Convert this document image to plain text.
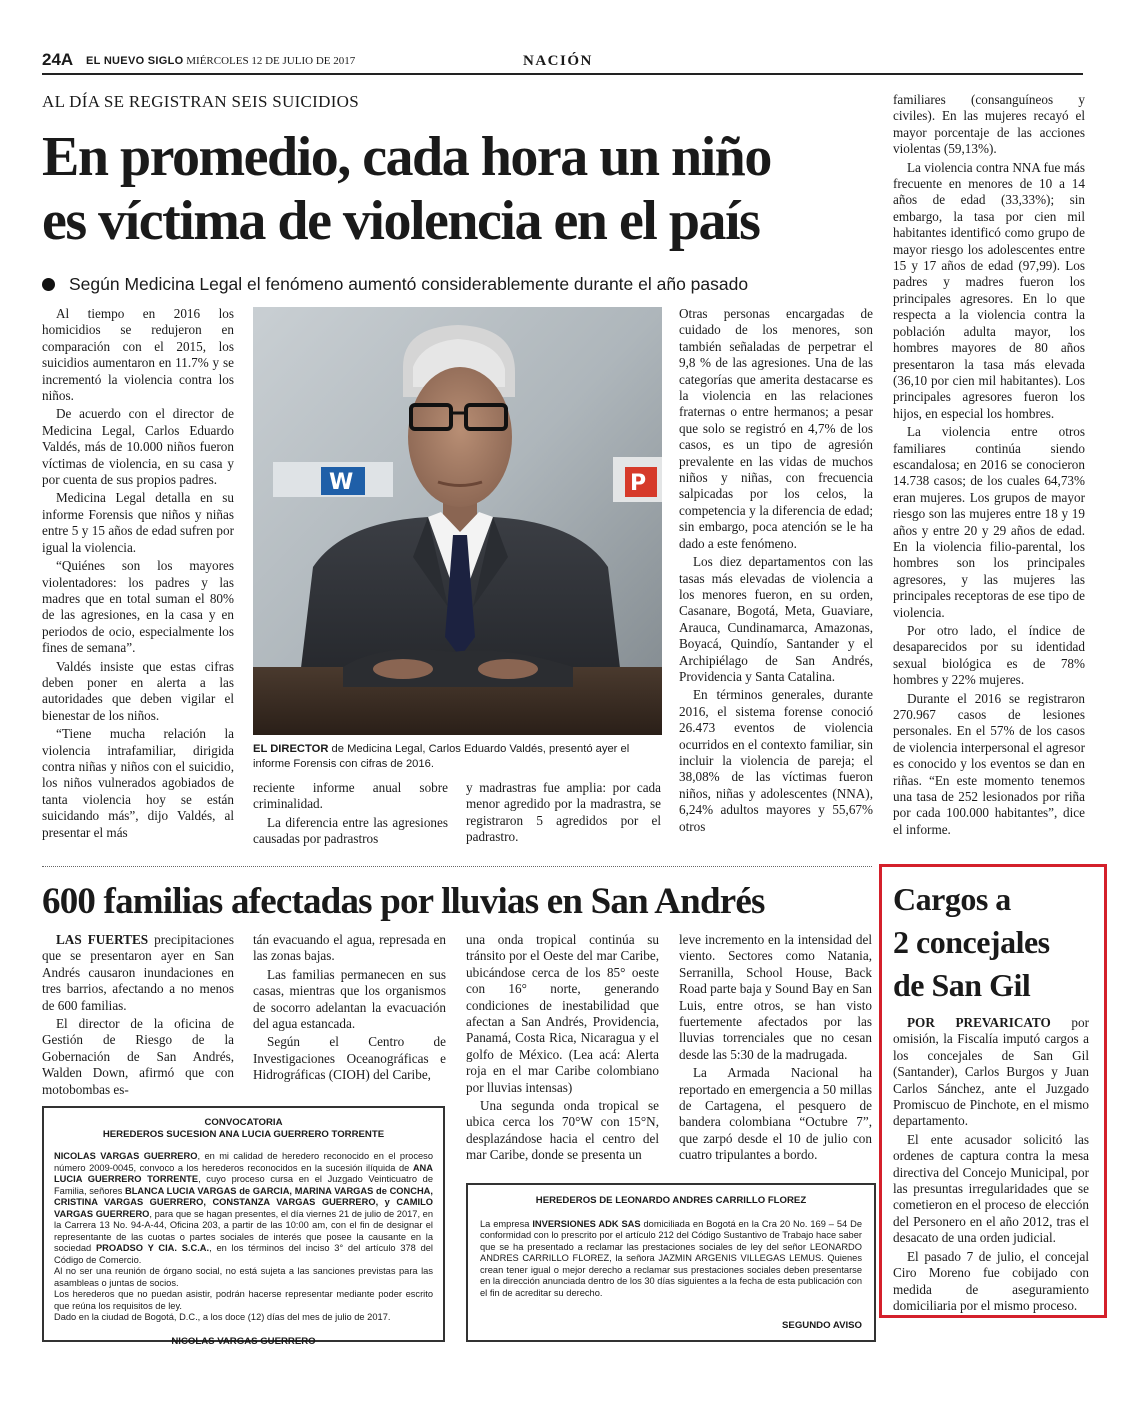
24A EL NUEVO SIGLO MIÉRCOLES 12 DE JULIO DE 2017	NACIÓN
AL DÍA SE REGISTRAN SEIS SUICIDIOS
En promedio, cada hora un niño
es víctima de violencia en el país
Según Medicina Legal el fenómeno aumentó considerablemente durante el año pasado

Al tiempo en 2016 los homicidios se redujeron en comparación con el 2015, los suicidios aumentaron en 11.7% y se incrementó la violencia contra los niños.

De acuerdo con el director de Medicina Legal, Carlos Eduardo Valdés, más de 10.000 niños fueron víctimas de violencia, en su casa y por cuenta de sus propios padres.

Medicina Legal detalla en su informe Forensis que niños y niñas entre 5 y 15 años de edad sufren por igual la violencia.

“Quiénes son los mayores violentadores: los padres y las madres que en total suman el 80% de las agresiones, en la casa y en periodos de ocio, especialmente los fines de semana”.

Valdés insiste que estas cifras deben poner en alerta a las autoridades que deben vigilar el bienestar de los niños.

“Tiene mucha relación la violencia intrafamiliar, dirigida contra niñas y niños con el suicidio, los niños vulnerados agobiados de tanta violencia hoy se están suicidando más”, dijo Valdés, al presentar el más

W	P
EL DIRECTOR de Medicina Legal, Carlos Eduardo Valdés, presentó ayer el informe Forensis con cifras de 2016.

reciente informe anual sobre criminalidad.

La diferencia entre las agresiones causadas por padrastros

y madrastras fue amplia: por cada menor agredido por la madrastra, se registraron 5 agredidos por el padrastro.

Otras personas encargadas de cuidado de los menores, son también señaladas de perpetrar el 9,8 % de las agresiones. Una de las categorías que amerita destacarse es la violencia en las relaciones fraternas o entre hermanos; a pesar que solo se registró en 4,7% de los casos, es un tipo de agresión prevalente en las vidas de muchos niños y niñas, con frecuencia salpicadas por los celos, la competencia y la diferencia de edad; sin embargo, poca atención se le ha dado a este fenómeno.

Los diez departamentos con las tasas más elevadas de violencia a los menores fueron, en su orden, Casanare, Bogotá, Meta, Guaviare, Arauca, Cundinamarca, Amazonas, Boyacá, Quindío, Santander y el Archipiélago de San Andrés, Providencia y Santa Catalina.

En términos generales, durante 2016, el sistema forense conoció 26.473 eventos de violencia ocurridos en el contexto familiar, sin incluir la violencia de pareja; el 38,08% de las víctimas fueron niños, niñas y adolescentes (NNA), 6,24% adultos mayores y 55,67% otros

familiares (consanguíneos y civiles). En las mujeres recayó el mayor porcentaje de las acciones violentas (59,13%).

La violencia contra NNA fue más frecuente en menores de 10 a 14 años de edad (33,33%); sin embargo, la tasa por cien mil habitantes identificó como grupo de mayor riesgo los adolescentes entre 15 y 17 años de edad (97,99). Los padres y madres fueron los principales agresores. En lo que respecta a la violencia contra la población adulta mayor, los hombres mayores de 80 años presentaron la tasa más elevada (36,10 por cien mil habitantes). Los principales agresores fueron los hijos, en especial los hombres.

La violencia entre otros familiares continúa siendo escandalosa; en 2016 se conocieron 14.738 casos; de los cuales 64,73% eran mujeres. Los grupos de mayor riesgo son las mujeres entre 18 y 19 años y entre 20 y 29 años de edad. En la violencia filio-parental, los hombres son los principales agresores, y las mujeres las principales receptoras de ese tipo de violencia.

Por otro lado, el índice de desaparecidos por su identidad sexual biológica es de 78% hombres y 22% mujeres.

Durante el 2016 se registraron 270.967 casos de lesiones personales. En el 57% de los casos de violencia interpersonal el agresor es conocido y los eventos se dan en riñas. “En este momento tenemos una tasa de 252 lesionados por riña por cada 100.000 habitantes”, dice el informe.

600 familias afectadas por lluvias en San Andrés

LAS FUERTES precipitaciones que se presentaron ayer en San Andrés causaron inundaciones en tres barrios, afectando a no menos de 600 familias.

El director de la oficina de Gestión de Riesgo de la Gobernación de San Andrés, Walden Down, afirmó que con motobombas es-

tán evacuando el agua, represada en las zonas bajas.

Las familias permanecen en sus casas, mientras que los organismos de socorro adelantan la evacuación del agua estancada.

Según el Centro de Investigaciones Oceanográficas e Hidrográficas (CIOH) del Caribe,

una onda tropical continúa su tránsito por el Oeste del mar Caribe, ubicándose cerca de los 85° oeste con 16° norte, generando condiciones de inestabilidad que afectan a San Andrés, Providencia, Panamá, Costa Rica, Nicaragua y el golfo de México. (Lea acá: Alerta roja en el mar Caribe colombiano por lluvias intensas)

Una segunda onda tropical se ubica cerca los 70°W con 15°N, desplazándose hacia el centro del mar Caribe, donde se presenta un

leve incremento en la intensidad del viento. Sectores como Natania, Serranilla, School House, Back Road parte baja y Sound Bay en San Luis, entre otros, se han visto fuertemente afectados por las lluvias torrenciales que no cesan desde las 5:30 de la madrugada.

La Armada Nacional ha reportado en emergencia a 50 millas de Cartagena, el pesquero de bandera colombiana “Octubre 7”, que zarpó desde el 10 de julio con cuatro tripulantes a bordo.

CONVOCATORIA
HEREDEROS SUCESION ANA LUCIA GUERRERO TORRENTE
NICOLAS VARGAS GUERRERO, en mi calidad de heredero reconocido en el proceso número 2009-0045, convoco a los herederos reconocidos en la sucesión ilíquida de ANA LUCIA GUERRERO TORRENTE, cuyo proceso cursa en el Juzgado Veinticuatro de Familia, señores BLANCA LUCIA VARGAS de GARCIA, MARINA VARGAS de CONCHA, CRISTINA VARGAS GUERRERO, CONSTANZA VARGAS GUERRERO, y CAMILO VARGAS GUERRERO, para que se hagan presentes, el día viernes 21 de julio de 2017, en la Carrera 13 No. 94-A-44, Oficina 203, a partir de las 10:00 am, con el fin de designar el representante de las cuotas o partes sociales de interés que posee la causante en la sociedad PROADSO Y CIA. S.C.A., en los términos del inciso 3° del artículo 378 del Código de Comercio.
Al no ser una reunión de órgano social, no está sujeta a las sanciones previstas para las asambleas o juntas de socios.
Los herederos que no puedan asistir, podrán hacerse representar mediante poder escrito que reúna los requisitos de ley.
Dado en la ciudad de Bogotá, D.C., a los doce (12) días del mes de julio de 2017.
NICOLAS VARGAS GUERRERO
HEREDEROS DE LEONARDO ANDRES CARRILLO FLOREZ
La empresa INVERSIONES ADK SAS domiciliada en Bogotá en la Cra 20 No. 169 – 54 De conformidad con lo prescrito por el artículo 212 del Código Sustantivo de Trabajo hace saber que se ha presentado a reclamar las prestaciones sociales de ley del señor LEONARDO ANDRES CARRILLO FLOREZ, la señora JAZMIN ARGENIS VILLEGAS LEMUS. Quienes crean tener igual o mejor derecho a reclamar sus prestaciones sociales deben presentarse en la dirección anunciada dentro de los 30 días siguientes a la fecha de esta publicación con el fin de acreditar su derecho.
SEGUNDO AVISO
Cargos a
2 concejales
de San Gil

POR PREVARICATO por omisión, la Fiscalía imputó cargos a los concejales de San Gil (Santander), Carlos Burgos y Juan Carlos Sánchez, ante el Juzgado Promiscuo de Pinchote, en el mismo departamento.

El ente acusador solicitó las ordenes de captura contra la mesa directiva del Concejo Municipal, por las presuntas irregularidades que se cometieron en el proceso de elección del Personero en el año 2012, tras el desacato de una orden judicial.

El pasado 7 de julio, el concejal Ciro Moreno fue cobijado con medida de aseguramiento domiciliaria por el mismo proceso.
